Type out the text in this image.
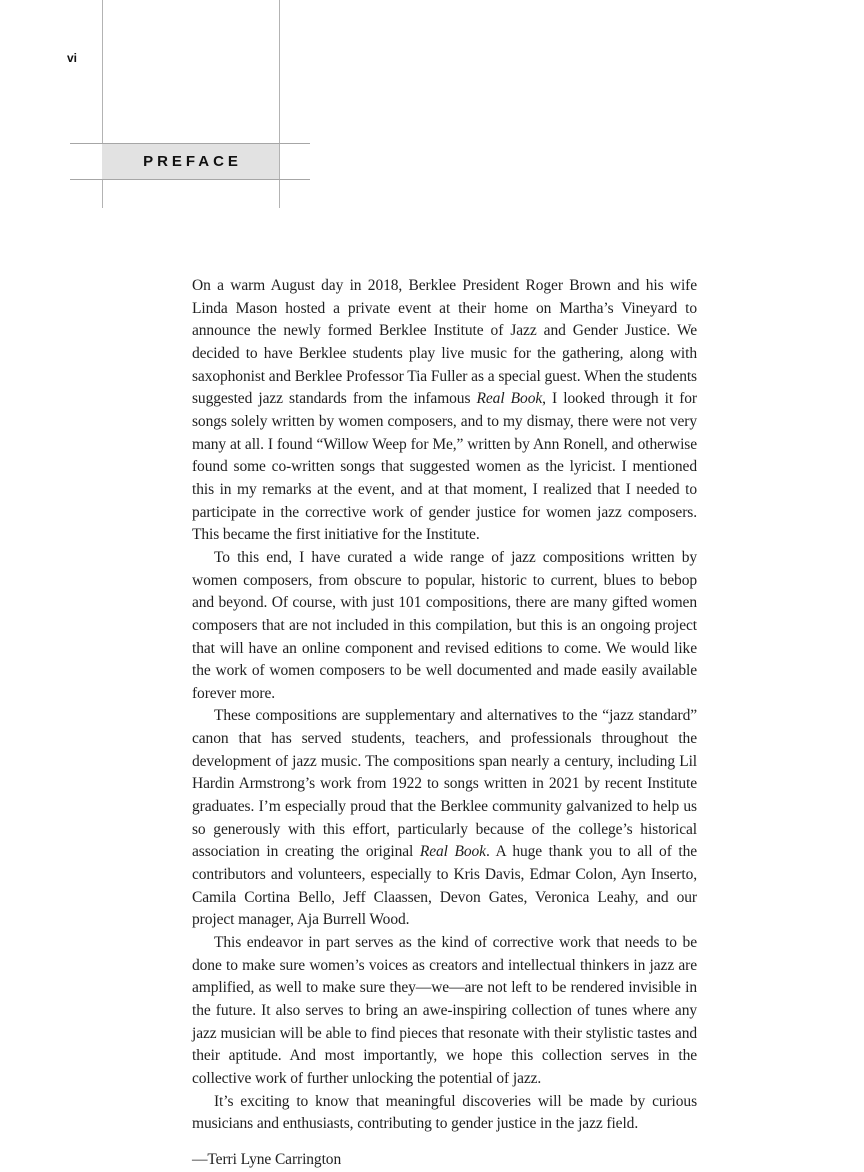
vi
PREFACE

On a warm August day in 2018, Berklee President Roger Brown and his wife Linda Mason hosted a private event at their home on Martha’s Vineyard to announce the newly formed Berklee Institute of Jazz and Gender Justice. We decided to have Berklee students play live music for the gathering, along with saxophonist and Berklee Professor Tia Fuller as a special guest. When the students suggested jazz standards from the infamous Real Book, I looked through it for songs solely written by women composers, and to my dismay, there were not very many at all. I found “Willow Weep for Me,” written by Ann Ronell, and otherwise found some co-written songs that suggested women as the lyricist. I mentioned this in my remarks at the event, and at that moment, I realized that I needed to participate in the corrective work of gender justice for women jazz composers. This became the first initiative for the Institute.

To this end, I have curated a wide range of jazz compositions written by women composers, from obscure to popular, historic to current, blues to bebop and beyond. Of course, with just 101 compositions, there are many gifted women composers that are not included in this compilation, but this is an ongoing project that will have an online component and revised editions to come. We would like the work of women composers to be well documented and made easily available forever more.

These compositions are supplementary and alternatives to the “jazz standard” canon that has served students, teachers, and professionals throughout the development of jazz music. The compositions span nearly a century, including Lil Hardin Armstrong’s work from 1922 to songs written in 2021 by recent Institute graduates. I’m especially proud that the Berklee community galvanized to help us so generously with this effort, particularly because of the college’s historical association in creating the original Real Book. A huge thank you to all of the contributors and volunteers, especially to Kris Davis, Edmar Colon, Ayn Inserto, Camila Cortina Bello, Jeff Claassen, Devon Gates, Veronica Leahy, and our project manager, Aja Burrell Wood.

This endeavor in part serves as the kind of corrective work that needs to be done to make sure women’s voices as creators and intellectual thinkers in jazz are amplified, as well to make sure they—we—are not left to be rendered invisible in the future. It also serves to bring an awe-inspiring collection of tunes where any jazz musician will be able to find pieces that resonate with their stylistic tastes and their aptitude. And most importantly, we hope this collection serves in the collective work of further unlocking the potential of jazz.

It’s exciting to know that meaningful discoveries will be made by curious musicians and enthusiasts, contributing to gender justice in the jazz field.

—Terri Lyne Carrington
